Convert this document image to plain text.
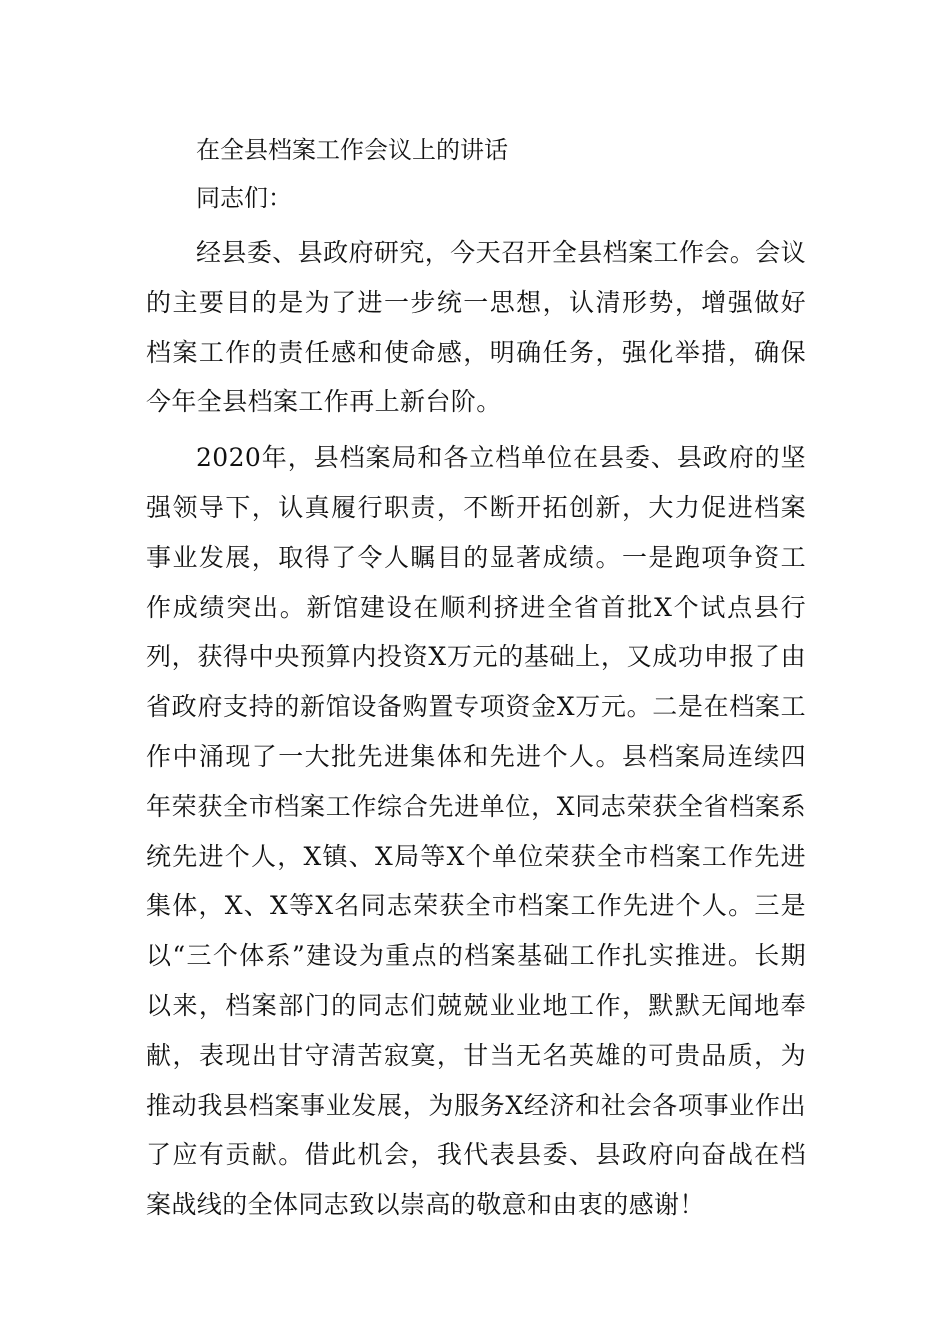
在全县档案工作会议上的讲话

同志们：

经县委、县政府研究，今天召开全县档案工作会。会议的主要目的是为了进一步统一思想，认清形势，增强做好档案工作的责任感和使命感，明确任务，强化举措，确保今年全县档案工作再上新台阶。

2020年，县档案局和各立档单位在县委、县政府的坚强领导下，认真履行职责，不断开拓创新，大力促进档案事业发展，取得了令人瞩目的显著成绩。一是跑项争资工作成绩突出。新馆建设在顺利挤进全省首批X个试点县行列，获得中央预算内投资X万元的基础上，又成功申报了由省政府支持的新馆设备购置专项资金X万元。二是在档案工作中涌现了一大批先进集体和先进个人。县档案局连续四年荣获全市档案工作综合先进单位，X同志荣获全省档案系统先进个人，X镇、X局等X个单位荣获全市档案工作先进集体，X、X等X名同志荣获全市档案工作先进个人。三是以“三个体系”建设为重点的档案基础工作扎实推进。长期以来，档案部门的同志们兢兢业业地工作，默默无闻地奉献，表现出甘守清苦寂寞，甘当无名英雄的可贵品质，为推动我县档案事业发展，为服务X经济和社会各项事业作出了应有贡献。借此机会，我代表县委、县政府向奋战在档案战线的全体同志致以崇高的敬意和由衷的感谢！
